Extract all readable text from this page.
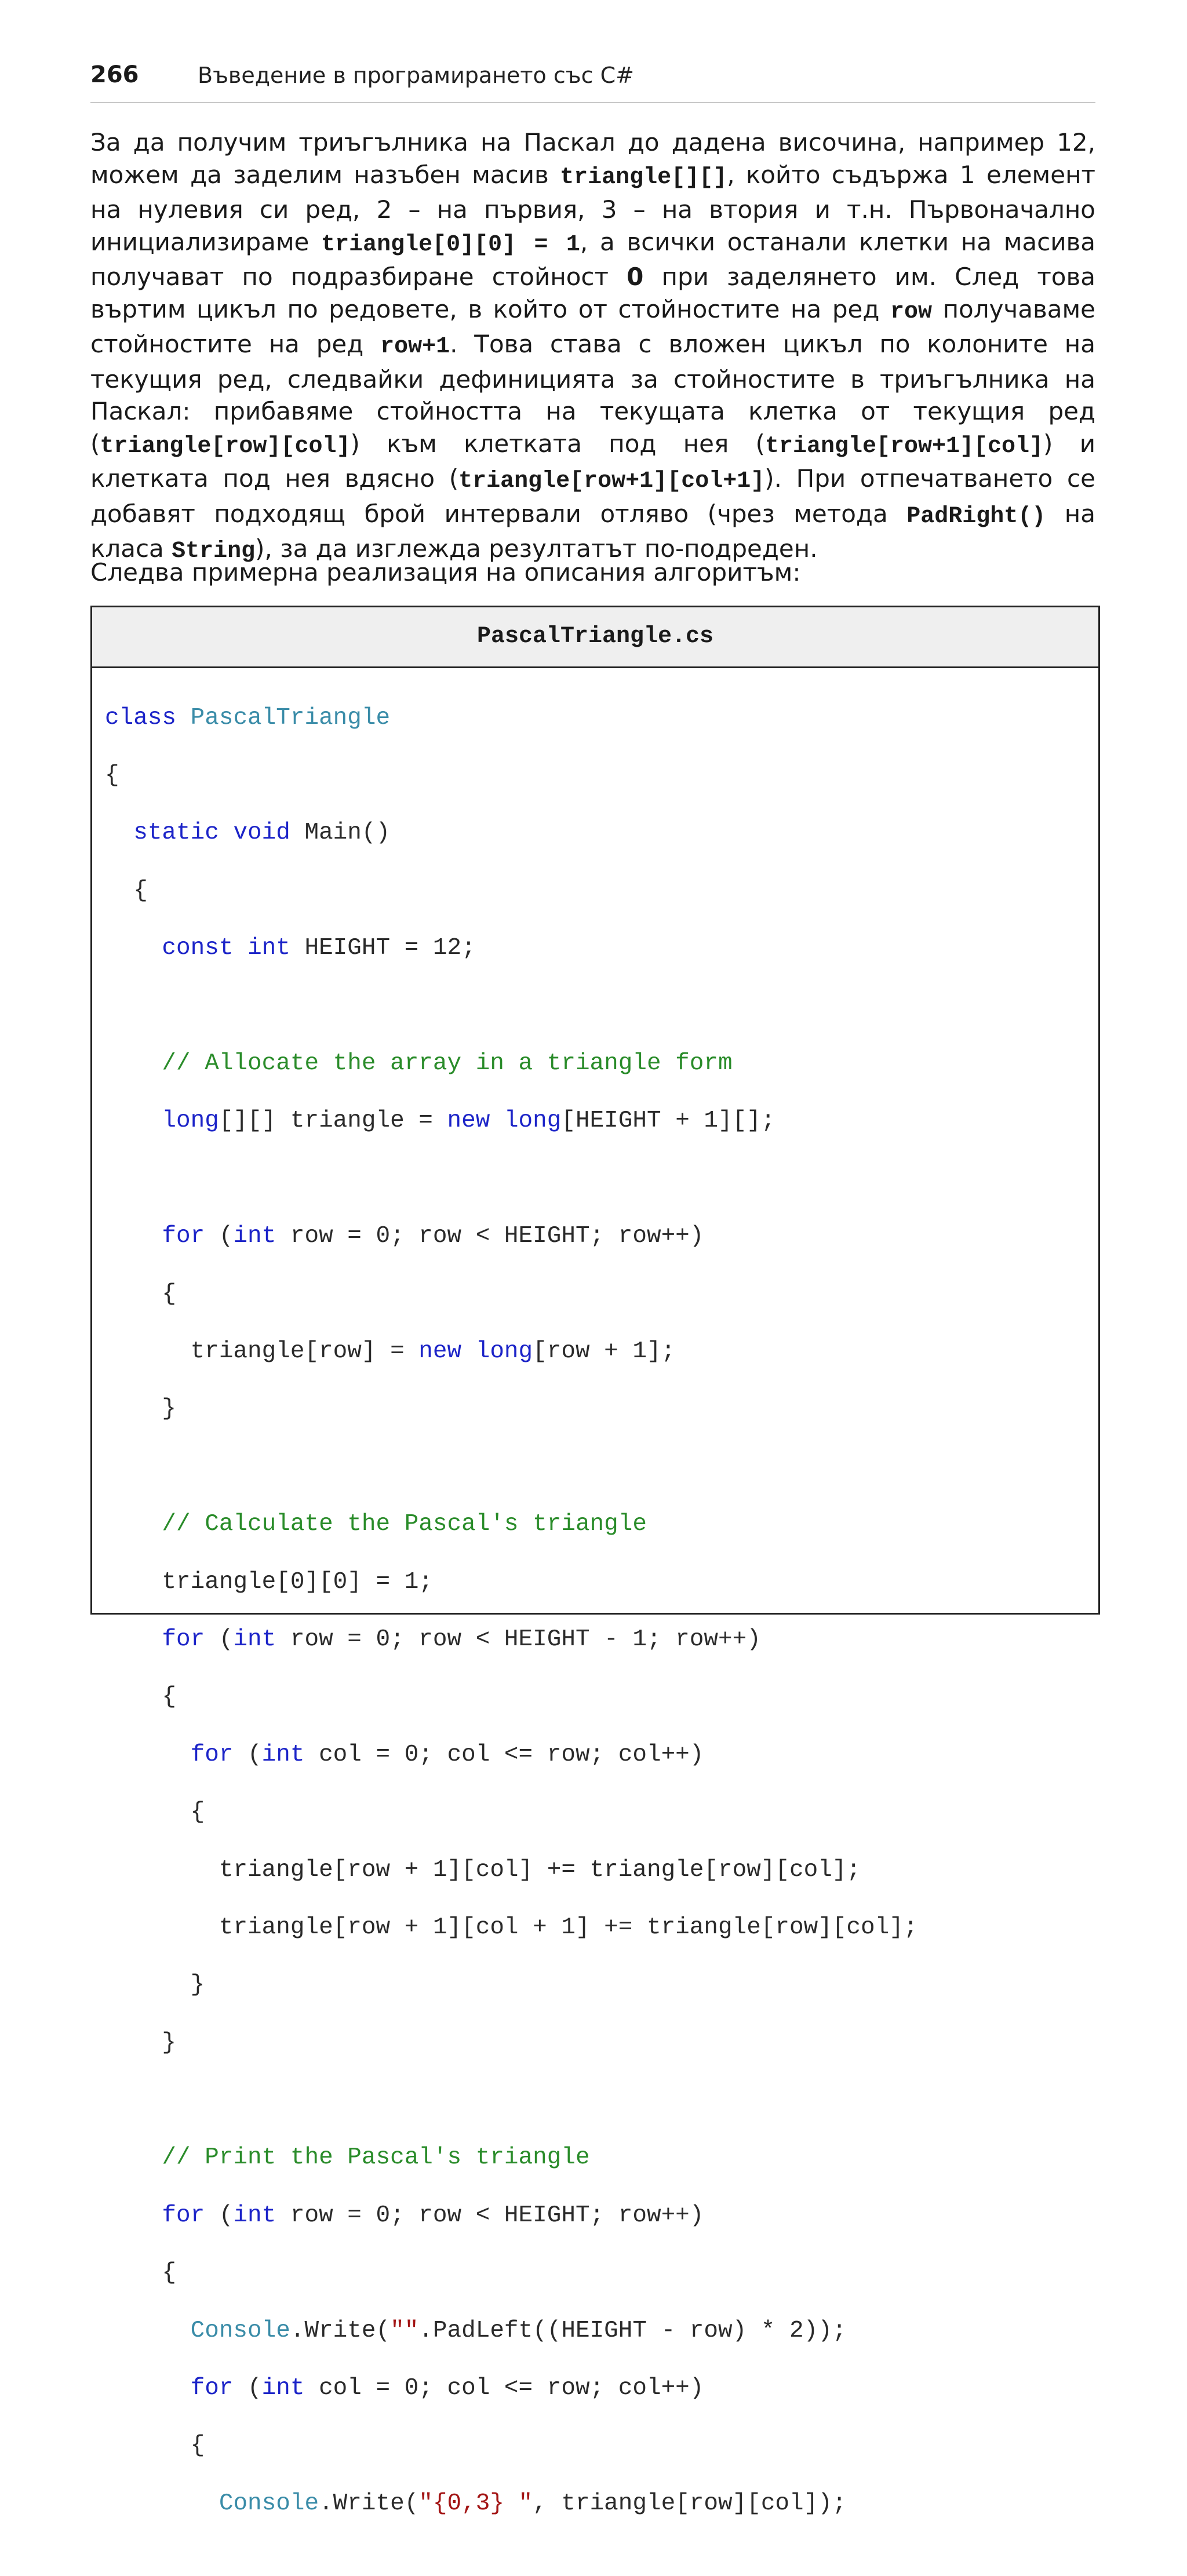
266	Въведение в програмирането със C#
За да получим триъгълника на Паскал до дадена височина, например 12,
можем да заделим назъбен масив triangle[][], който съдържа 1 елемент
на нулевия си ред, 2 – на първия, 3 – на втория и т.н. Първоначално
инициализираме triangle[0][0] = 1, а всички останали клетки на масива
получават по подразбиране стойност 0 при заделянето им. След това
въртим цикъл по редовете, в който от стойностите на ред row получаваме
стойностите на ред row+1. Това става с вложен цикъл по колоните на
текущия ред, следвайки дефиницията за стойностите в триъгълника на
Паскал: прибавяме стойността на текущата клетка от текущия ред
(triangle[row][col]) към клетката под нея (triangle[row+1][col]) и
клетката под нея вдясно (triangle[row+1][col+1]). При отпечатването се
добавят подходящ брой интервали отляво (чрез метода PadRight() на
класа String), за да изглежда резултатът по-подреден.
Следва примерна реализация на описания алгоритъм:
PascalTriangle.cs

class PascalTriangle

{

static void Main()

{

const int HEIGHT = 12;

// Allocate the array in a triangle form

long[][] triangle = new long[HEIGHT + 1][];

for (int row = 0; row < HEIGHT; row++)

{

triangle[row] = new long[row + 1];

}

// Calculate the Pascal's triangle

triangle[0][0] = 1;

for (int row = 0; row < HEIGHT - 1; row++)

{

for (int col = 0; col <= row; col++)

{

triangle[row + 1][col] += triangle[row][col];

triangle[row + 1][col + 1] += triangle[row][col];

}

}

// Print the Pascal's triangle

for (int row = 0; row < HEIGHT; row++)

{

Console.Write("".PadLeft((HEIGHT - row) * 2));

for (int col = 0; col <= row; col++)

{

Console.Write("{0,3} ", triangle[row][col]);
